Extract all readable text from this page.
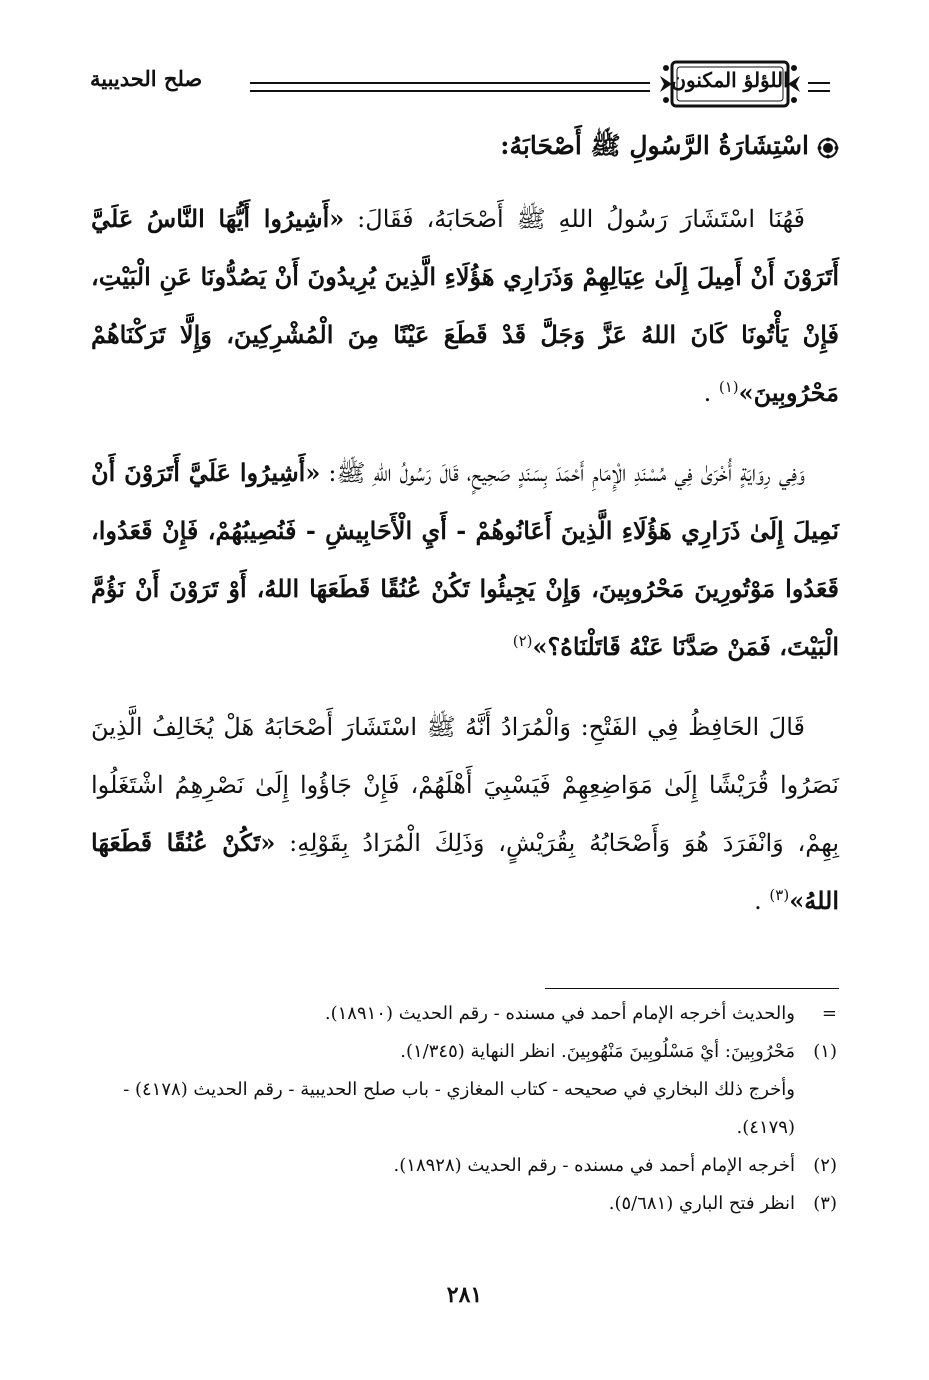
صلح الحديبية	اللؤلؤ المكنون
اسْتِشَارَةُ الرَّسُولِ ﷺ أَصْحَابَهُ:

فَهُنَا اسْتَشَارَ رَسُولُ اللهِ ﷺ أَصْحَابَهُ، فَقَالَ: «أَشِيرُوا أَيُّهَا النَّاسُ عَلَيَّ أَتَرَوْنَ أَنْ أَمِيلَ إِلَىٰ عِيَالِهِمْ وَذَرَارِي هَؤُلَاءِ الَّذِينَ يُرِيدُونَ أَنْ يَصُدُّونَا عَنِ الْبَيْتِ، فَإِنْ يَأْتُونَا كَانَ اللهُ عَزَّ وَجَلَّ قَدْ قَطَعَ عَيْنًا مِنَ الْمُشْرِكِينَ، وَإِلَّا تَرَكْنَاهُمْ مَحْرُوبِينَ»$^{(١)}$ .

وَفِي رِوَايَةٍ أُخْرَىٰ فِي مُسْنَدِ الْإِمَامِ أَحْمَدَ بِسَنَدٍ صَحِيحٍ، قَالَ رَسُولُ اللهِ ﷺ: «أَشِيرُوا عَلَيَّ أَتَرَوْنَ أَنْ نَمِيلَ إِلَىٰ ذَرَارِي هَؤُلَاءِ الَّذِينَ أَعَانُوهُمْ - أَيِ الْأَحَابِيشِ - فَنُصِيبُهُمْ، فَإِنْ قَعَدُوا، قَعَدُوا مَوْتُورِينَ مَحْرُوبِينَ، وَإِنْ يَجِيئُوا تَكُنْ عُنُقًا قَطَعَهَا اللهُ، أَوْ تَرَوْنَ أَنْ نَؤُمَّ الْبَيْتَ، فَمَنْ صَدَّنَا عَنْهُ قَاتَلْنَاهُ؟»$^{(٢)}$

قَالَ الحَافِظُ فِي الفَتْحِ: وَالْمُرَادُ أَنَّهُ ﷺ اسْتَشَارَ أَصْحَابَهُ هَلْ يُخَالِفُ الَّذِينَ نَصَرُوا قُرَيْشًا إِلَىٰ مَوَاضِعِهِمْ فَيَسْبِيَ أَهْلَهُمْ، فَإِنْ جَاؤُوا إِلَىٰ نَصْرِهِمُ اشْتَغَلُوا بِهِمْ، وَانْفَرَدَ هُوَ وَأَصْحَابُهُ بِقُرَيْشٍ، وَذَلِكَ الْمُرَادُ بِقَوْلِهِ: «تَكُنْ عُنُقًا قَطَعَهَا اللهُ»$^{(٣)}$ .

=
والحديث أخرجه الإمام أحمد في مسنده - رقم الحديث (١٨٩١٠).
(١)
مَحْرُوبِينَ: أيْ مَسْلُوبِينَ مَنْهُوبِينَ. انظر النهاية (١/٣٤٥).
وأخرج ذلك البخاري في صحيحه - كتاب المغازي - باب صلح الحديبية - رقم الحديث (٤١٧٨) - (٤١٧٩).
(٢)
أخرجه الإمام أحمد في مسنده - رقم الحديث (١٨٩٢٨).
(٣)
انظر فتح الباري (٥/٦٨١).
٢٨١
